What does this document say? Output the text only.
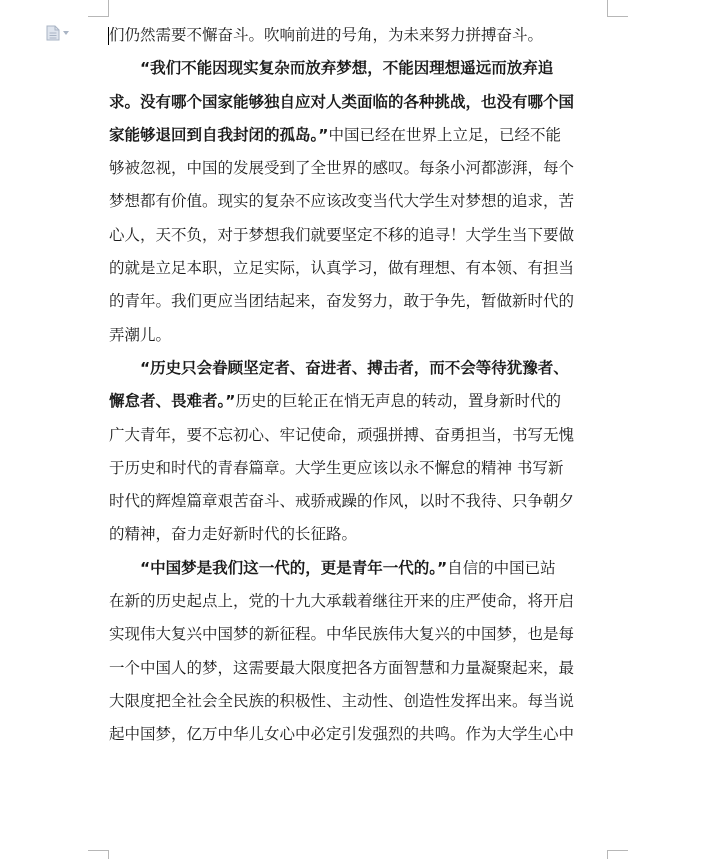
们仍然需要不懈奋斗。吹响前进的号角，为未来努力拼搏奋斗。
“我们不能因现实复杂而放弃梦想，不能因理想遥远而放弃追
求。没有哪个国家能够独自应对人类面临的各种挑战，也没有哪个国
家能够退回到自我封闭的孤岛。”中国已经在世界上立足，已经不能
够被忽视，中国的发展受到了全世界的感叹。每条小河都澎湃，每个
梦想都有价值。现实的复杂不应该改变当代大学生对梦想的追求，苦
心人，天不负，对于梦想我们就要坚定不移的追寻！大学生当下要做
的就是立足本职，立足实际，认真学习，做有理想、有本领、有担当
的青年。我们更应当团结起来，奋发努力，敢于争先，暂做新时代的
弄潮儿。
“历史只会眷顾坚定者、奋进者、搏击者，而不会等待犹豫者、
懈怠者、畏难者。”历史的巨轮正在悄无声息的转动，置身新时代的
广大青年，要不忘初心、牢记使命，顽强拼搏、奋勇担当，书写无愧
于历史和时代的青春篇章。大学生更应该以永不懈怠的精神 书写新
时代的辉煌篇章艰苦奋斗、戒骄戒躁的作风，以时不我待、只争朝夕
的精神，奋力走好新时代的长征路。
“中国梦是我们这一代的，更是青年一代的。”自信的中国已站
在新的历史起点上，党的十九大承载着继往开来的庄严使命，将开启
实现伟大复兴中国梦的新征程。中华民族伟大复兴的中国梦，也是每
一个中国人的梦，这需要最大限度把各方面智慧和力量凝聚起来，最
大限度把全社会全民族的积极性、主动性、创造性发挥出来。每当说
起中国梦，亿万中华儿女心中必定引发强烈的共鸣。作为大学生心中
